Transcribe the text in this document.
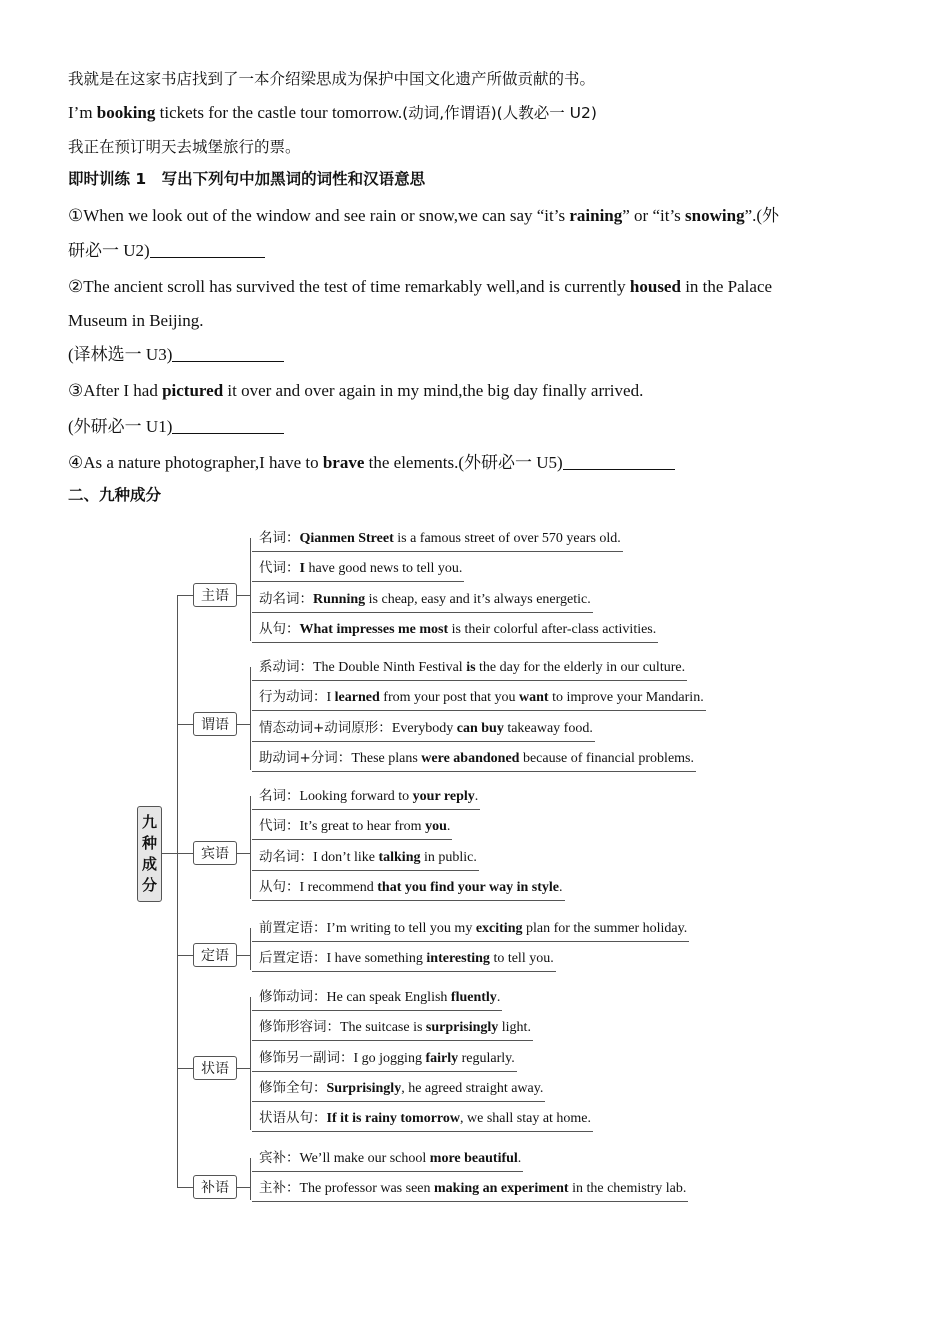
我就是在这家书店找到了一本介绍梁思成为保护中国文化遗产所做贡献的书。
I’m booking tickets for the castle tour tomorrow.(动词,作谓语)(人教必一 U2)
我正在预订明天去城堡旅行的票。
即时训练 1　写出下列句中加黑词的词性和汉语意思
①When we look out of the window and see rain or snow,we can say “it’s raining” or “it’s snowing”.(外
研必一 U2)
②The ancient scroll has survived the test of time remarkably well,and is currently housed in the Palace
Museum in Beijing.
(译林选一 U3)
③After I had pictured it over and over again in my mind,the big day finally arrived.
(外研必一 U1)
④As a nature photographer,I have to brave the elements.(外研必一 U5)
二、九种成分
九
种
成
分
主语
名词：Qianmen Street is a famous street of over 570 years old.
代词：I have good news to tell you.
动名词：Running is cheap, easy and it’s always energetic.
从句：What impresses me most is their colorful after-class activities.
谓语
系动词：The Double Ninth Festival is the day for the elderly in our culture.
行为动词：I learned from your post that you want to improve your Mandarin.
情态动词+动词原形：Everybody can buy takeaway food.
助动词+分词：These plans were abandoned because of financial problems.
宾语
名词：Looking forward to your reply.
代词：It’s great to hear from you.
动名词：I don’t like talking in public.
从句：I recommend that you find your way in style.
定语
前置定语：I’m writing to tell you my exciting plan for the summer holiday.
后置定语：I have something interesting to tell you.
状语
修饰动词：He can speak English fluently.
修饰形容词：The suitcase is surprisingly light.
修饰另一副词：I go jogging fairly regularly.
修饰全句：Surprisingly, he agreed straight away.
状语从句：If it is rainy tomorrow, we shall stay at home.
补语
宾补：We’ll make our school more beautiful.
主补：The professor was seen making an experiment in the chemistry lab.
